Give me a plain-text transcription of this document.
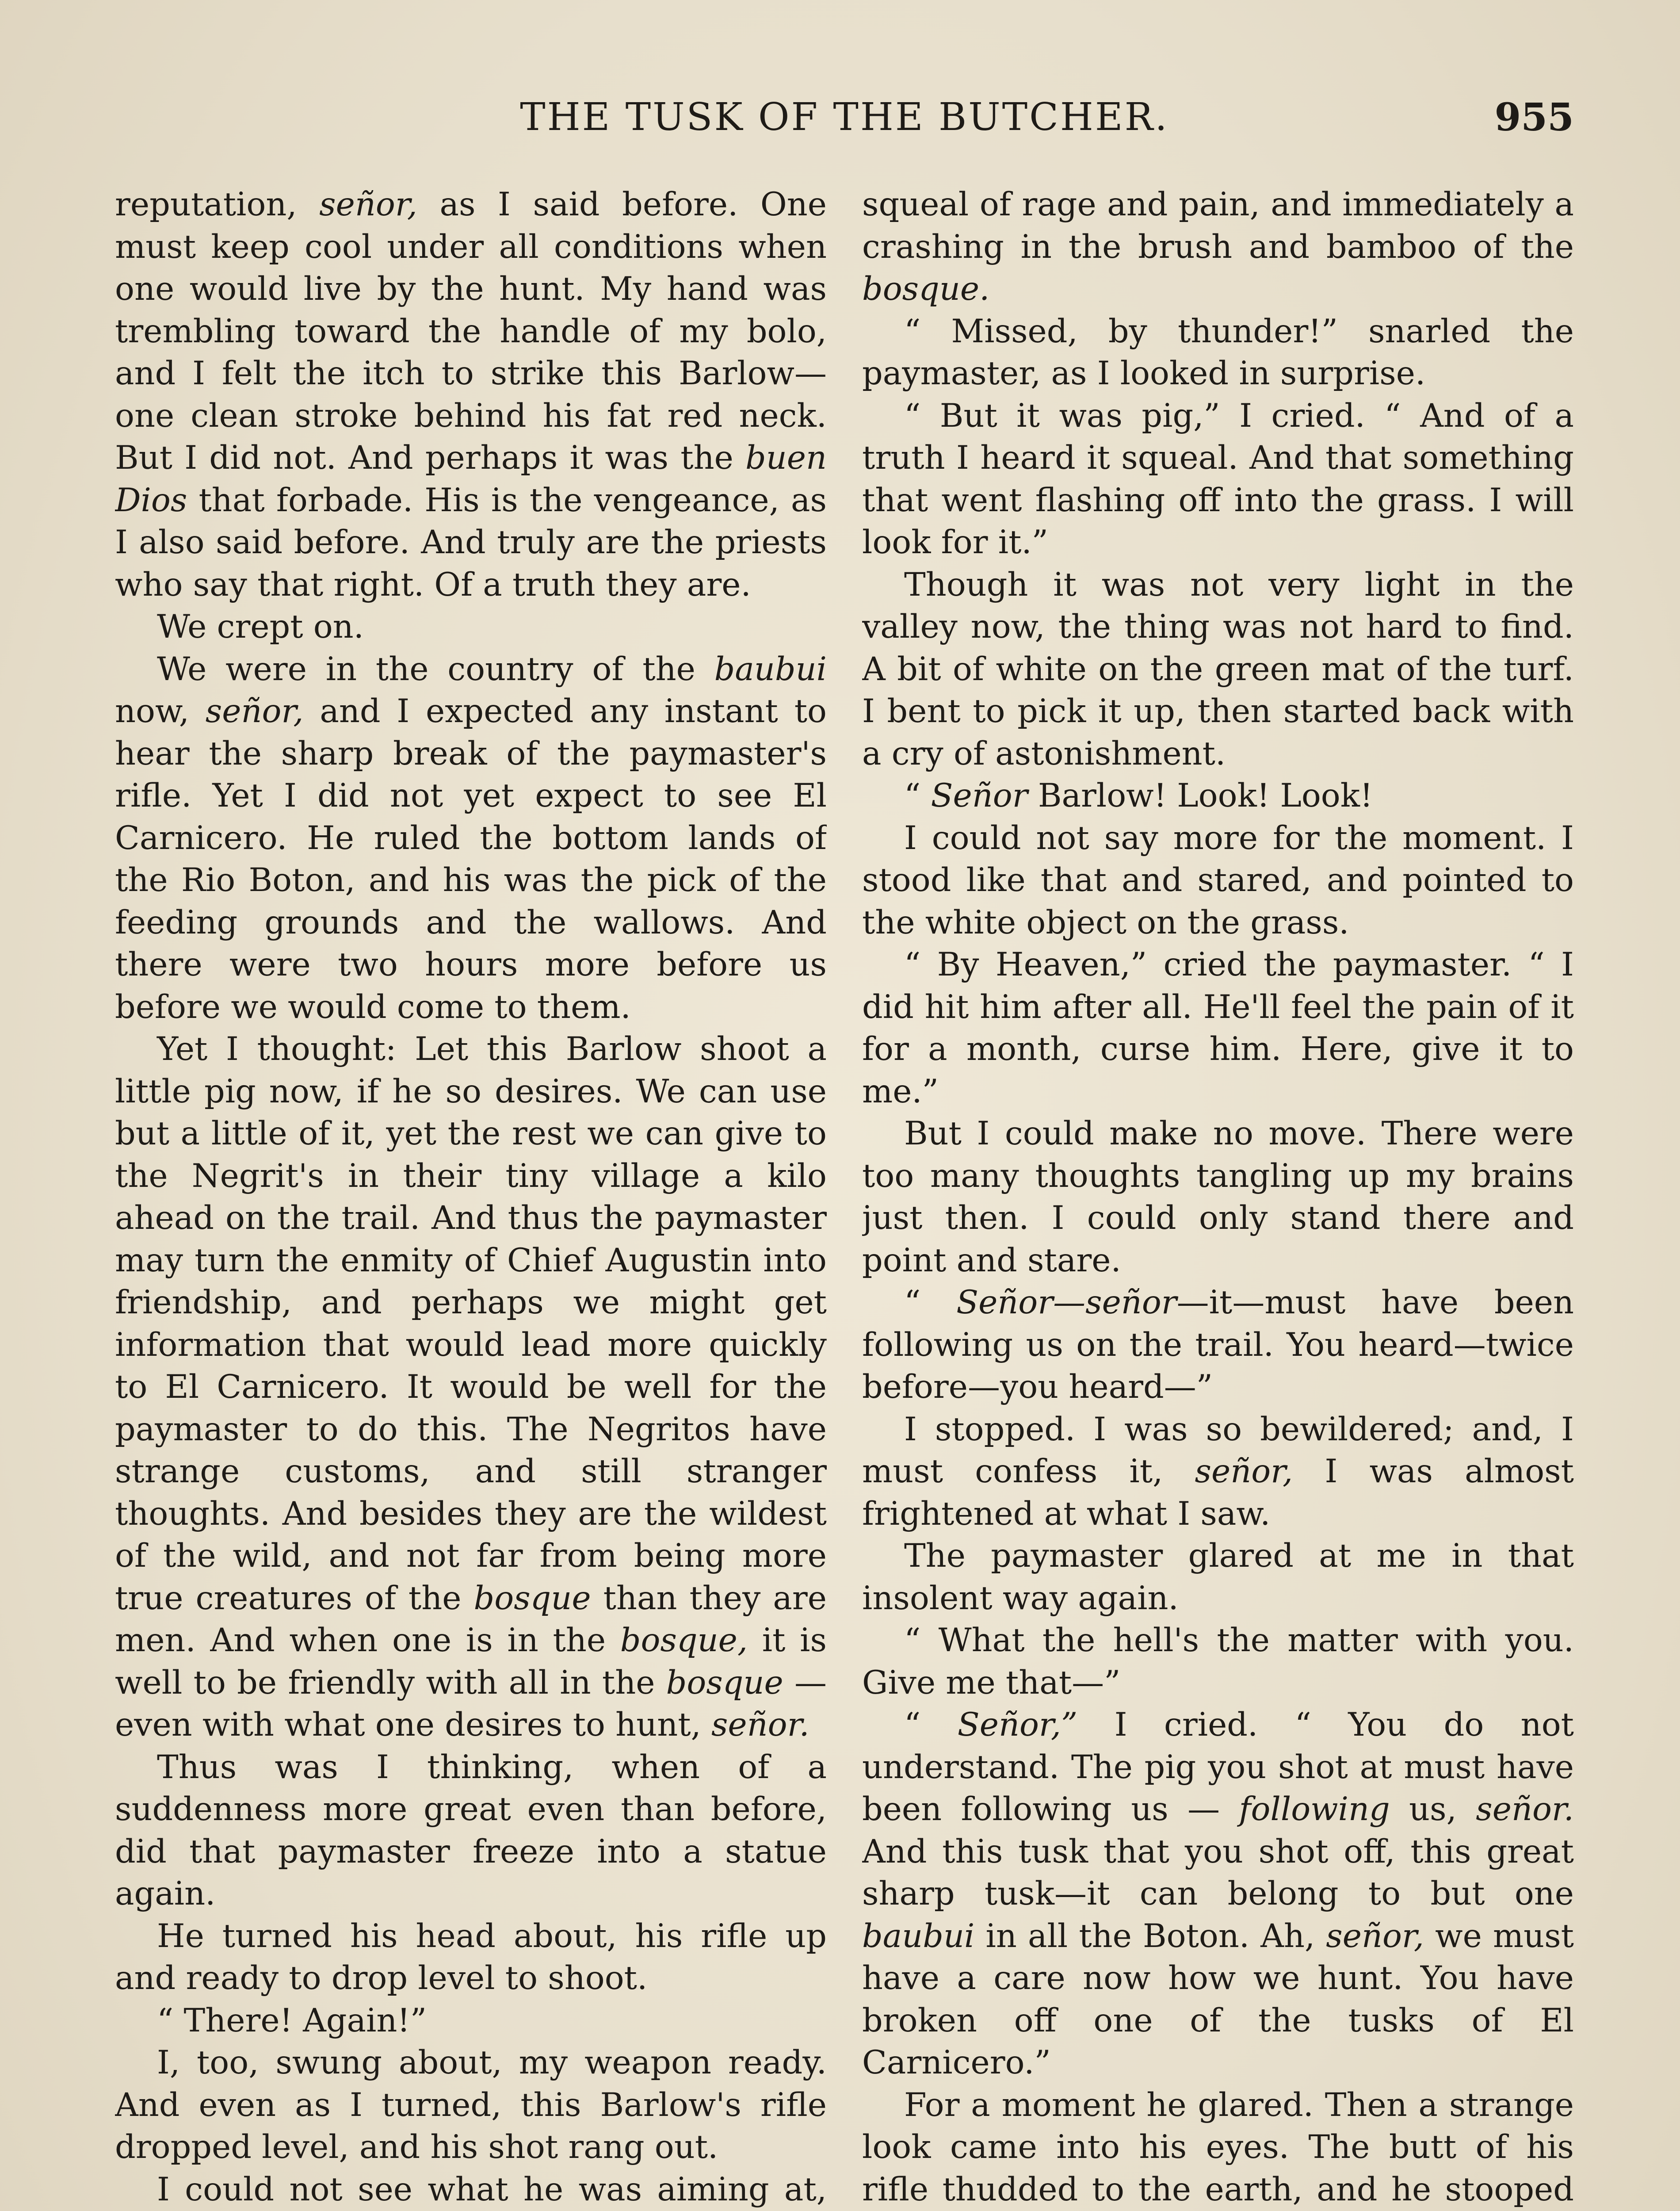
THE TUSK OF THE BUTCHER.	955

reputation, señor, as I said before. One must keep cool under all conditions when one would live by the hunt. My hand was trembling toward the handle of my bolo, and I felt the itch to strike this Barlow—one clean stroke behind his fat red neck. But I did not. And perhaps it was the buen Dios that forbade. His is the vengeance, as I also said before. And truly are the priests who say that right. Of a truth they are.

We crept on.

We were in the country of the baubui now, señor, and I expected any instant to hear the sharp break of the paymaster's rifle. Yet I did not yet expect to see El Carnicero. He ruled the bottom lands of the Rio Boton, and his was the pick of the feeding grounds and the wallows. And there were two hours more before us before we would come to them.

Yet I thought: Let this Barlow shoot a little pig now, if he so desires. We can use but a little of it, yet the rest we can give to the Negrit's in their tiny village a kilo ahead on the trail. And thus the paymaster may turn the enmity of Chief Augustin into friendship, and perhaps we might get information that would lead more quickly to El Carnicero. It would be well for the paymaster to do this. The Negritos have strange customs, and still stranger thoughts. And besides they are the wildest of the wild, and not far from being more true creatures of the bosque than they are men. And when one is in the bosque, it is well to be friendly with all in the bosque —even with what one desires to hunt, señor.

Thus was I thinking, when of a suddenness more great even than before, did that paymaster freeze into a statue again.

He turned his head about, his rifle up and ready to drop level to shoot.

“ There! Again!”

I, too, swung about, my weapon ready. And even as I turned, this Barlow's rifle dropped level, and his shot rang out.

I could not see what he was aiming at,

squeal of rage and pain, and immediately a crashing in the brush and bamboo of the bosque.

“ Missed, by thunder!” snarled the paymaster, as I looked in surprise.

“ But it was pig,” I cried. “ And of a truth I heard it squeal. And that something that went flashing off into the grass. I will look for it.”

Though it was not very light in the valley now, the thing was not hard to find. A bit of white on the green mat of the turf. I bent to pick it up, then started back with a cry of astonishment.

“ Señor Barlow! Look! Look!

I could not say more for the moment. I stood like that and stared, and pointed to the white object on the grass.

“ By Heaven,” cried the paymaster. “ I did hit him after all. He'll feel the pain of it for a month, curse him. Here, give it to me.”

But I could make no move. There were too many thoughts tangling up my brains just then. I could only stand there and point and stare.

“ Señor—señor—it—must have been following us on the trail. You heard—twice before—you heard—”

I stopped. I was so bewildered; and, I must confess it, señor, I was almost frightened at what I saw.

The paymaster glared at me in that insolent way again.

“ What the hell's the matter with you. Give me that—”

“ Señor,” I cried. “ You do not understand. The pig you shot at must have been following us — following us, señor. And this tusk that you shot off, this great sharp tusk—it can belong to but one baubui in all the Boton. Ah, señor, we must have a care now how we hunt. You have broken off one of the tusks of El Carnicero.”

For a moment he glared. Then a strange look came into his eyes. The butt of his rifle thudded to the earth, and he stooped
